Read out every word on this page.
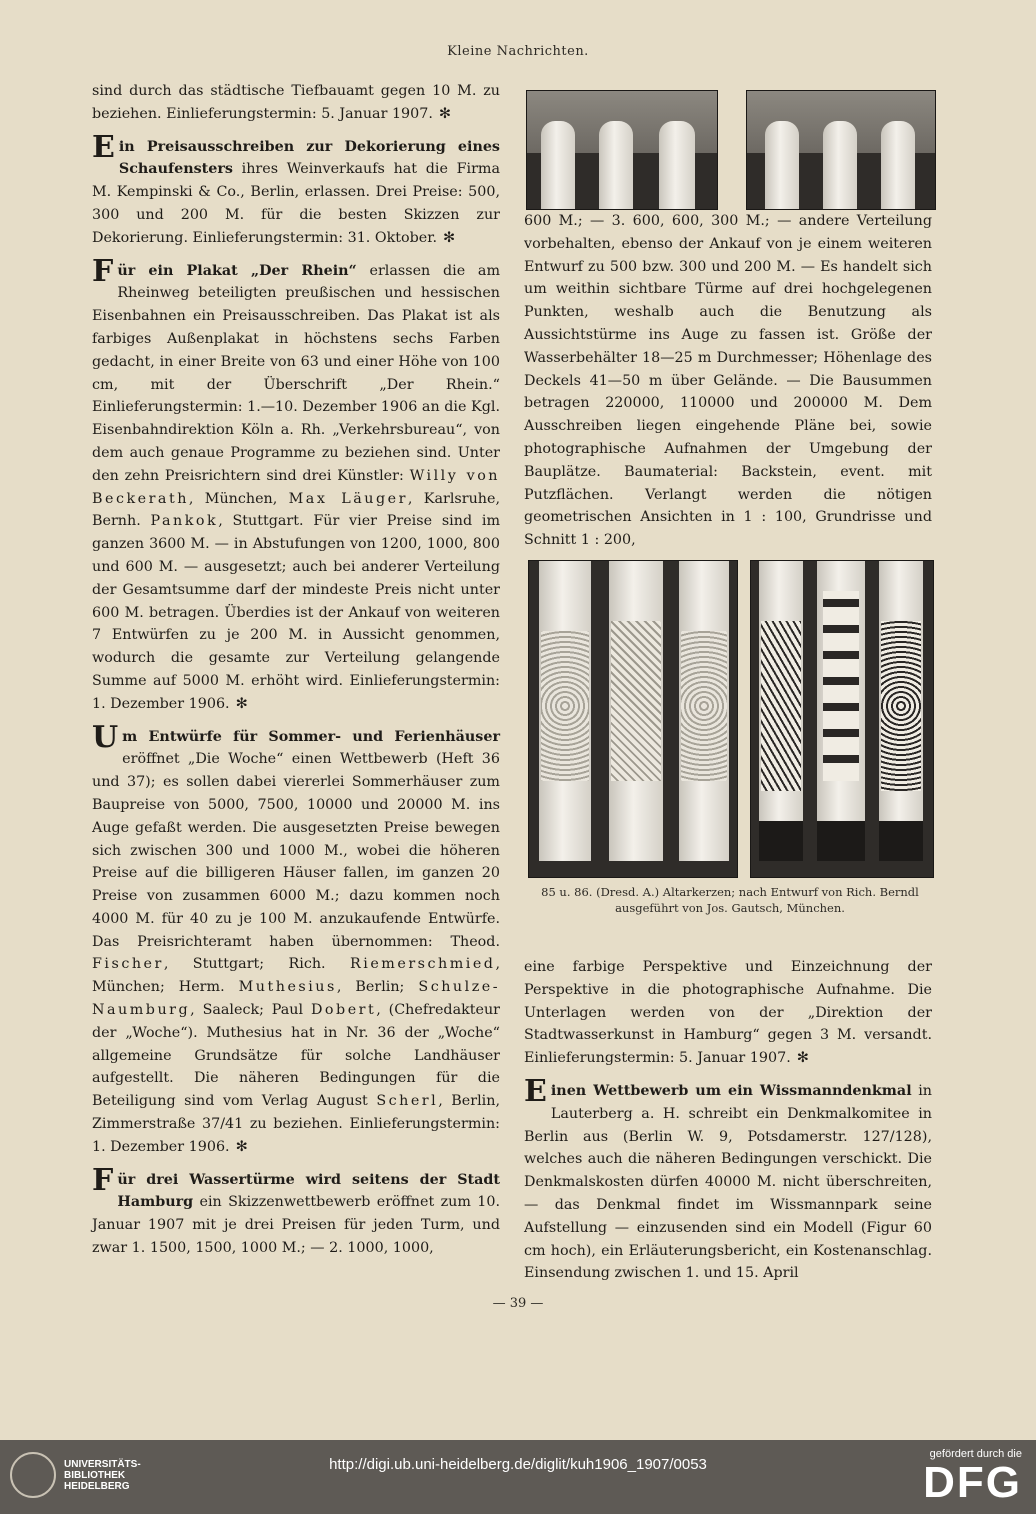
Kleine Nachrichten.

sind durch das städtische Tiefbauamt gegen 10 M. zu beziehen. Einlieferungstermin: 5. Januar 1907. ✻

Ein Preisausschreiben zur Dekorierung eines Schaufensters ihres Weinverkaufs hat die Firma M. Kempinski & Co., Berlin, erlassen. Drei Preise: 500, 300 und 200 M. für die besten Skizzen zur Dekorierung. Einlieferungstermin: 31. Oktober. ✻

Für ein Plakat „Der Rhein“ erlassen die am Rheinweg beteiligten preußischen und hessischen Eisenbahnen ein Preisausschreiben. Das Plakat ist als farbiges Außenplakat in höchstens sechs Farben gedacht, in einer Breite von 63 und einer Höhe von 100 cm, mit der Überschrift „Der Rhein.“ Einlieferungstermin: 1.—10. Dezember 1906 an die Kgl. Eisenbahndirektion Köln a. Rh. „Verkehrsbureau“, von dem auch genaue Programme zu beziehen sind. Unter den zehn Preisrichtern sind drei Künstler: Willy von Beckerath, München, Max Läuger, Karlsruhe, Bernh. Pankok, Stuttgart. Für vier Preise sind im ganzen 3600 M. — in Abstufungen von 1200, 1000, 800 und 600 M. — ausgesetzt; auch bei anderer Verteilung der Gesamtsumme darf der mindeste Preis nicht unter 600 M. betragen. Überdies ist der Ankauf von weiteren 7 Entwürfen zu je 200 M. in Aussicht genommen, wodurch die gesamte zur Verteilung gelangende Summe auf 5000 M. erhöht wird. Einlieferungstermin: 1. Dezember 1906. ✻

Um Entwürfe für Sommer- und Ferienhäuser eröffnet „Die Woche“ einen Wettbewerb (Heft 36 und 37); es sollen dabei viererlei Sommerhäuser zum Baupreise von 5000, 7500, 10000 und 20000 M. ins Auge gefaßt werden. Die ausgesetzten Preise bewegen sich zwischen 300 und 1000 M., wobei die höheren Preise auf die billigeren Häuser fallen, im ganzen 20 Preise von zusammen 6000 M.; dazu kommen noch 4000 M. für 40 zu je 100 M. anzukaufende Entwürfe. Das Preisrichteramt haben übernommen: Theod. Fischer, Stuttgart; Rich. Riemerschmied, München; Herm. Muthesius, Berlin; Schulze-Naumburg, Saaleck; Paul Dobert, (Chefredakteur der „Woche“). Muthesius hat in Nr. 36 der „Woche“ allgemeine Grundsätze für solche Landhäuser aufgestellt. Die näheren Bedingungen für die Beteiligung sind vom Verlag August Scherl, Berlin, Zimmerstraße 37/41 zu beziehen. Einlieferungstermin: 1. Dezember 1906. ✻

Für drei Wassertürme wird seitens der Stadt Hamburg ein Skizzenwettbewerb eröffnet zum 10. Januar 1907 mit je drei Preisen für jeden Turm, und zwar 1. 1500, 1500, 1000 M.; — 2. 1000, 1000,

600 M.; — 3. 600, 600, 300 M.; — andere Verteilung vorbehalten, ebenso der Ankauf von je einem weiteren Entwurf zu 500 bzw. 300 und 200 M. — Es handelt sich um weithin sichtbare Türme auf drei hochgelegenen Punkten, weshalb auch die Benutzung als Aussichtstürme ins Auge zu fassen ist. Größe der Wasserbehälter 18—25 m Durchmesser; Höhenlage des Deckels 41—50 m über Gelände. — Die Bausummen betragen 220000, 110000 und 200000 M. Dem Ausschreiben liegen eingehende Pläne bei, sowie photographische Aufnahmen der Umgebung der Bauplätze. Baumaterial: Backstein, event. mit Putzflächen. Verlangt werden die nötigen geometrischen Ansichten in 1 : 100, Grundrisse und Schnitt 1 : 200,

85 u. 86. (Dresd. A.) Altarkerzen; nach Entwurf von Rich. Berndl ausgeführt von Jos. Gautsch, München.

eine farbige Perspektive und Einzeichnung der Perspektive in die photographische Aufnahme. Die Unterlagen werden von der „Direktion der Stadtwasserkunst in Hamburg“ gegen 3 M. versandt. Einlieferungstermin: 5. Januar 1907. ✻

Einen Wettbewerb um ein Wissmanndenkmal in Lauterberg a. H. schreibt ein Denkmalkomitee in Berlin aus (Berlin W. 9, Potsdamerstr. 127/128), welches auch die näheren Bedingungen verschickt. Die Denkmalskosten dürfen 40000 M. nicht überschreiten, — das Denkmal findet im Wissmannpark seine Aufstellung — einzusenden sind ein Modell (Figur 60 cm hoch), ein Erläuterungsbericht, ein Kostenanschlag. Einsendung zwischen 1. und 15. April

— 39 —
UNIVERSITÄTS-
BIBLIOTHEK
HEIDELBERG
http://digi.ub.uni-heidelberg.de/diglit/kuh1906_1907/0053
gefördert durch die
DFG
